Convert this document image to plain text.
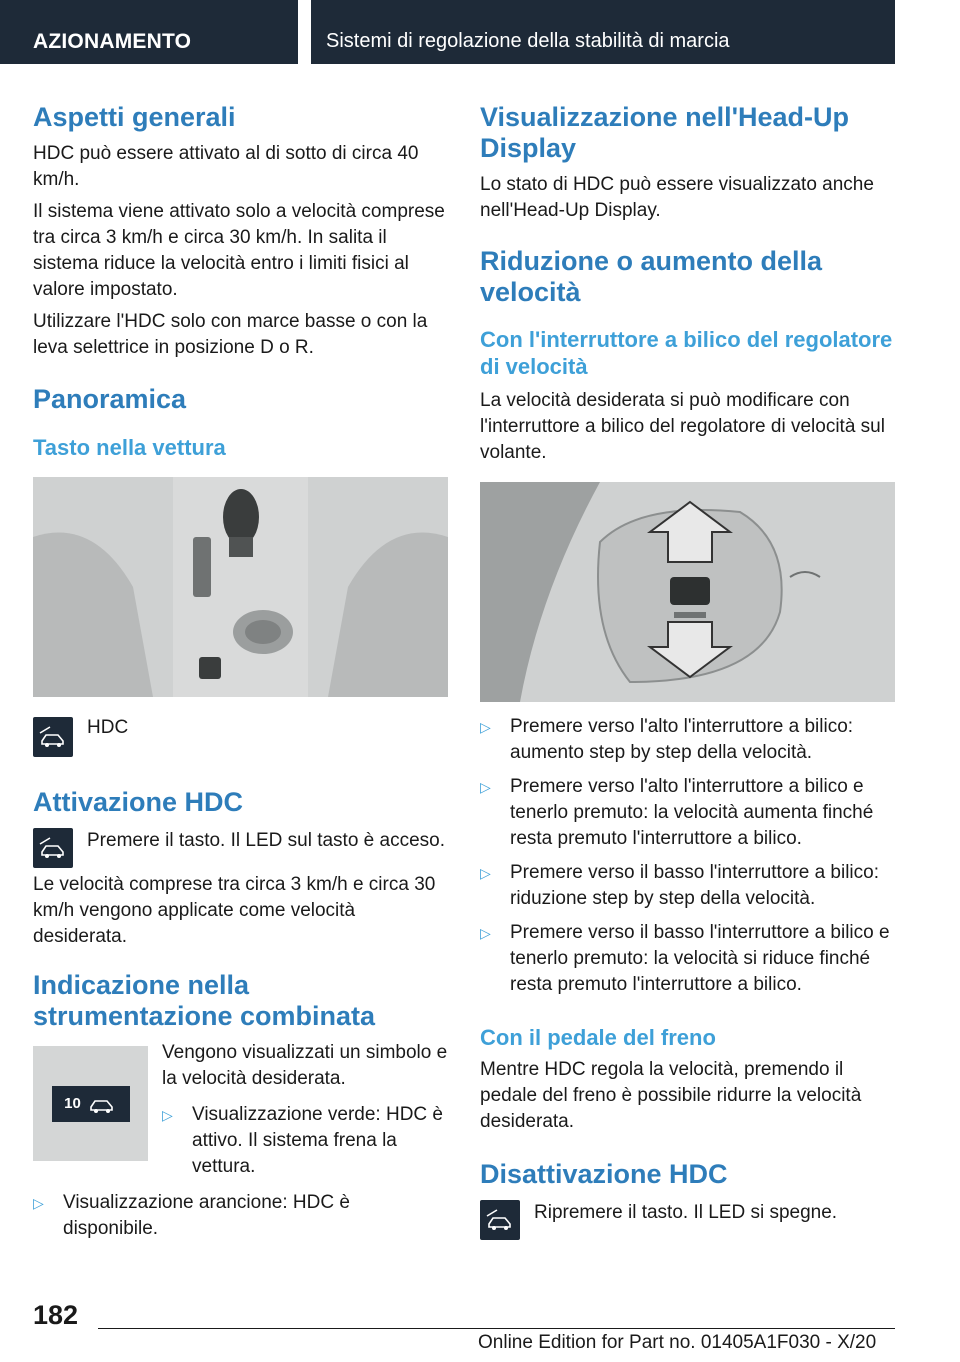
AZIONAMENTO	Sistemi di regolazione della stabilità di marcia
Aspetti generali

HDC può essere attivato al di sotto di circa 40 km/h.

Il sistema viene attivato solo a velocità comprese tra circa 3 km/h e circa 30 km/h. In salita il sistema riduce la velocità entro i limiti fisici al valore impostato.

Utilizzare l'HDC solo con marce basse o con la leva selettrice in posizione D o R.

Panoramica
Tasto nella vettura
HDC
Attivazione HDC

Premere il tasto. Il LED sul tasto è acceso.

Le velocità comprese tra circa 3 km/h e circa 30 km/h vengono applicate come velocità desiderata.

Indicazione nella strumentazione combinata
10

Vengono visualizzati un simbolo e la velocità desiderata.

▷	Visualizzazione verde: HDC è attivo. Il sistema frena la vettura.
▷	Visualizzazione arancione: HDC è disponibile.
Visualizzazione nell'Head-Up Display

Lo stato di HDC può essere visualizzato anche nell'Head-Up Display.

Riduzione o aumento della velocità
Con l'interruttore a bilico del regolatore di velocità

La velocità desiderata si può modificare con l'interruttore a bilico del regolatore di velocità sul volante.

▷	Premere verso l'alto l'interruttore a bilico: aumento step by step della velocità.
▷	Premere verso l'alto l'interruttore a bilico e tenerlo premuto: la velocità aumenta finché resta premuto l'interruttore a bilico.
▷	Premere verso il basso l'interruttore a bilico: riduzione step by step della velocità.
▷	Premere verso il basso l'interruttore a bilico e tenerlo premuto: la velocità si riduce finché resta premuto l'interruttore a bilico.
Con il pedale del freno

Mentre HDC regola la velocità, premendo il pedale del freno è possibile ridurre la velocità desiderata.

Disattivazione HDC

Ripremere il tasto. Il LED si spegne.

182
Online Edition for Part no. 01405A1F030 - X/20
